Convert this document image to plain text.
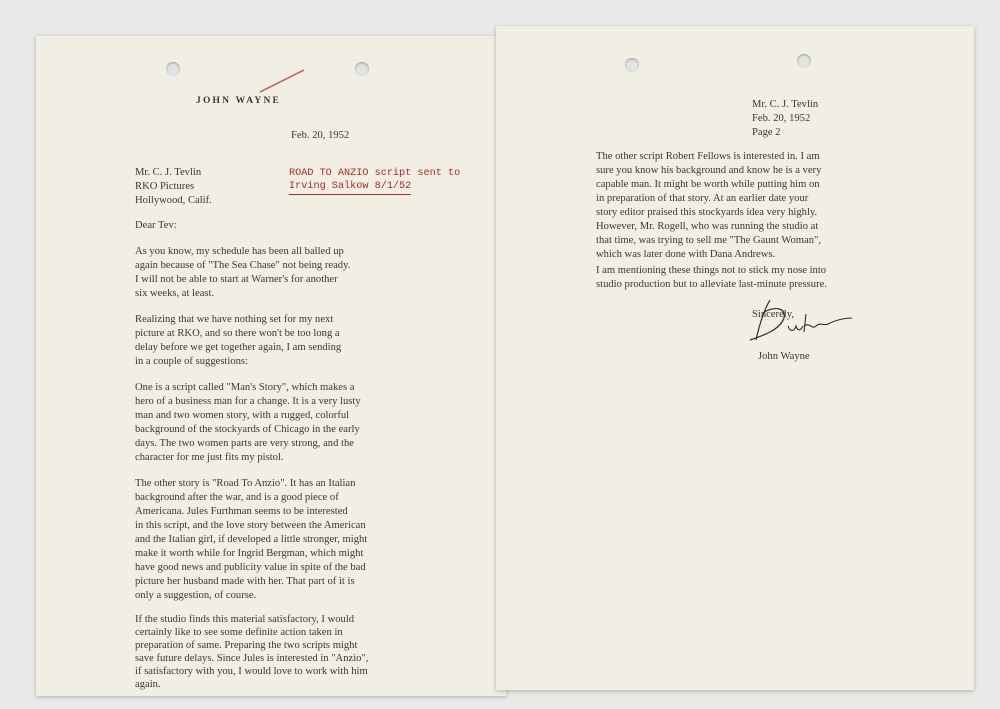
JOHN WAYNE

Feb. 20, 1952

Mr. C. J. Tevlin

RKO Pictures

Hollywood, Calif.

ROAD TO ANZIO script sent to

Irving Salkow 8/1/52

Dear Tev:

As you know, my schedule has been all balled up

again because of "The Sea Chase" not being ready.

I will not be able to start at Warner's for another

six weeks, at least.

Realizing that we have nothing set for my next

picture at RKO, and so there won't be too long a

delay before we get together again, I am sending

in a couple of suggestions:

One is a script called "Man's Story", which makes a

hero of a business man for a change. It is a very lusty

man and two women story, with a rugged, colorful

background of the stockyards of Chicago in the early

days. The two women parts are very strong, and the

character for me just fits my pistol.

The other story is "Road To Anzio". It has an Italian

background after the war, and is a good piece of

Americana. Jules Furthman seems to be interested

in this script, and the love story between the American

and the Italian girl, if developed a little stronger, might

make it worth while for Ingrid Bergman, which might

have good news and publicity value in spite of the bad

picture her husband made with her. That part of it is

only a suggestion, of course.

If the studio finds this material satisfactory, I would

certainly like to see some definite action taken in

preparation of same. Preparing the two scripts might

save future delays. Since Jules is interested in "Anzio",

if satisfactory with you, I would love to work with him

again.

Mr. C. J. Tevlin

Feb. 20, 1952

Page 2

The other script Robert Fellows is interested in. I am

sure you know his background and know he is a very

capable man. It might be worth while putting him on

in preparation of that story. At an earlier date your

story editor praised this stockyards idea very highly.

However, Mr. Rogell, who was running the studio at

that time, was trying to sell me "The Gaunt Woman",

which was later done with Dana Andrews.

I am mentioning these things not to stick my nose into

studio production but to alleviate last-minute pressure.

Sincerely,

John Wayne
